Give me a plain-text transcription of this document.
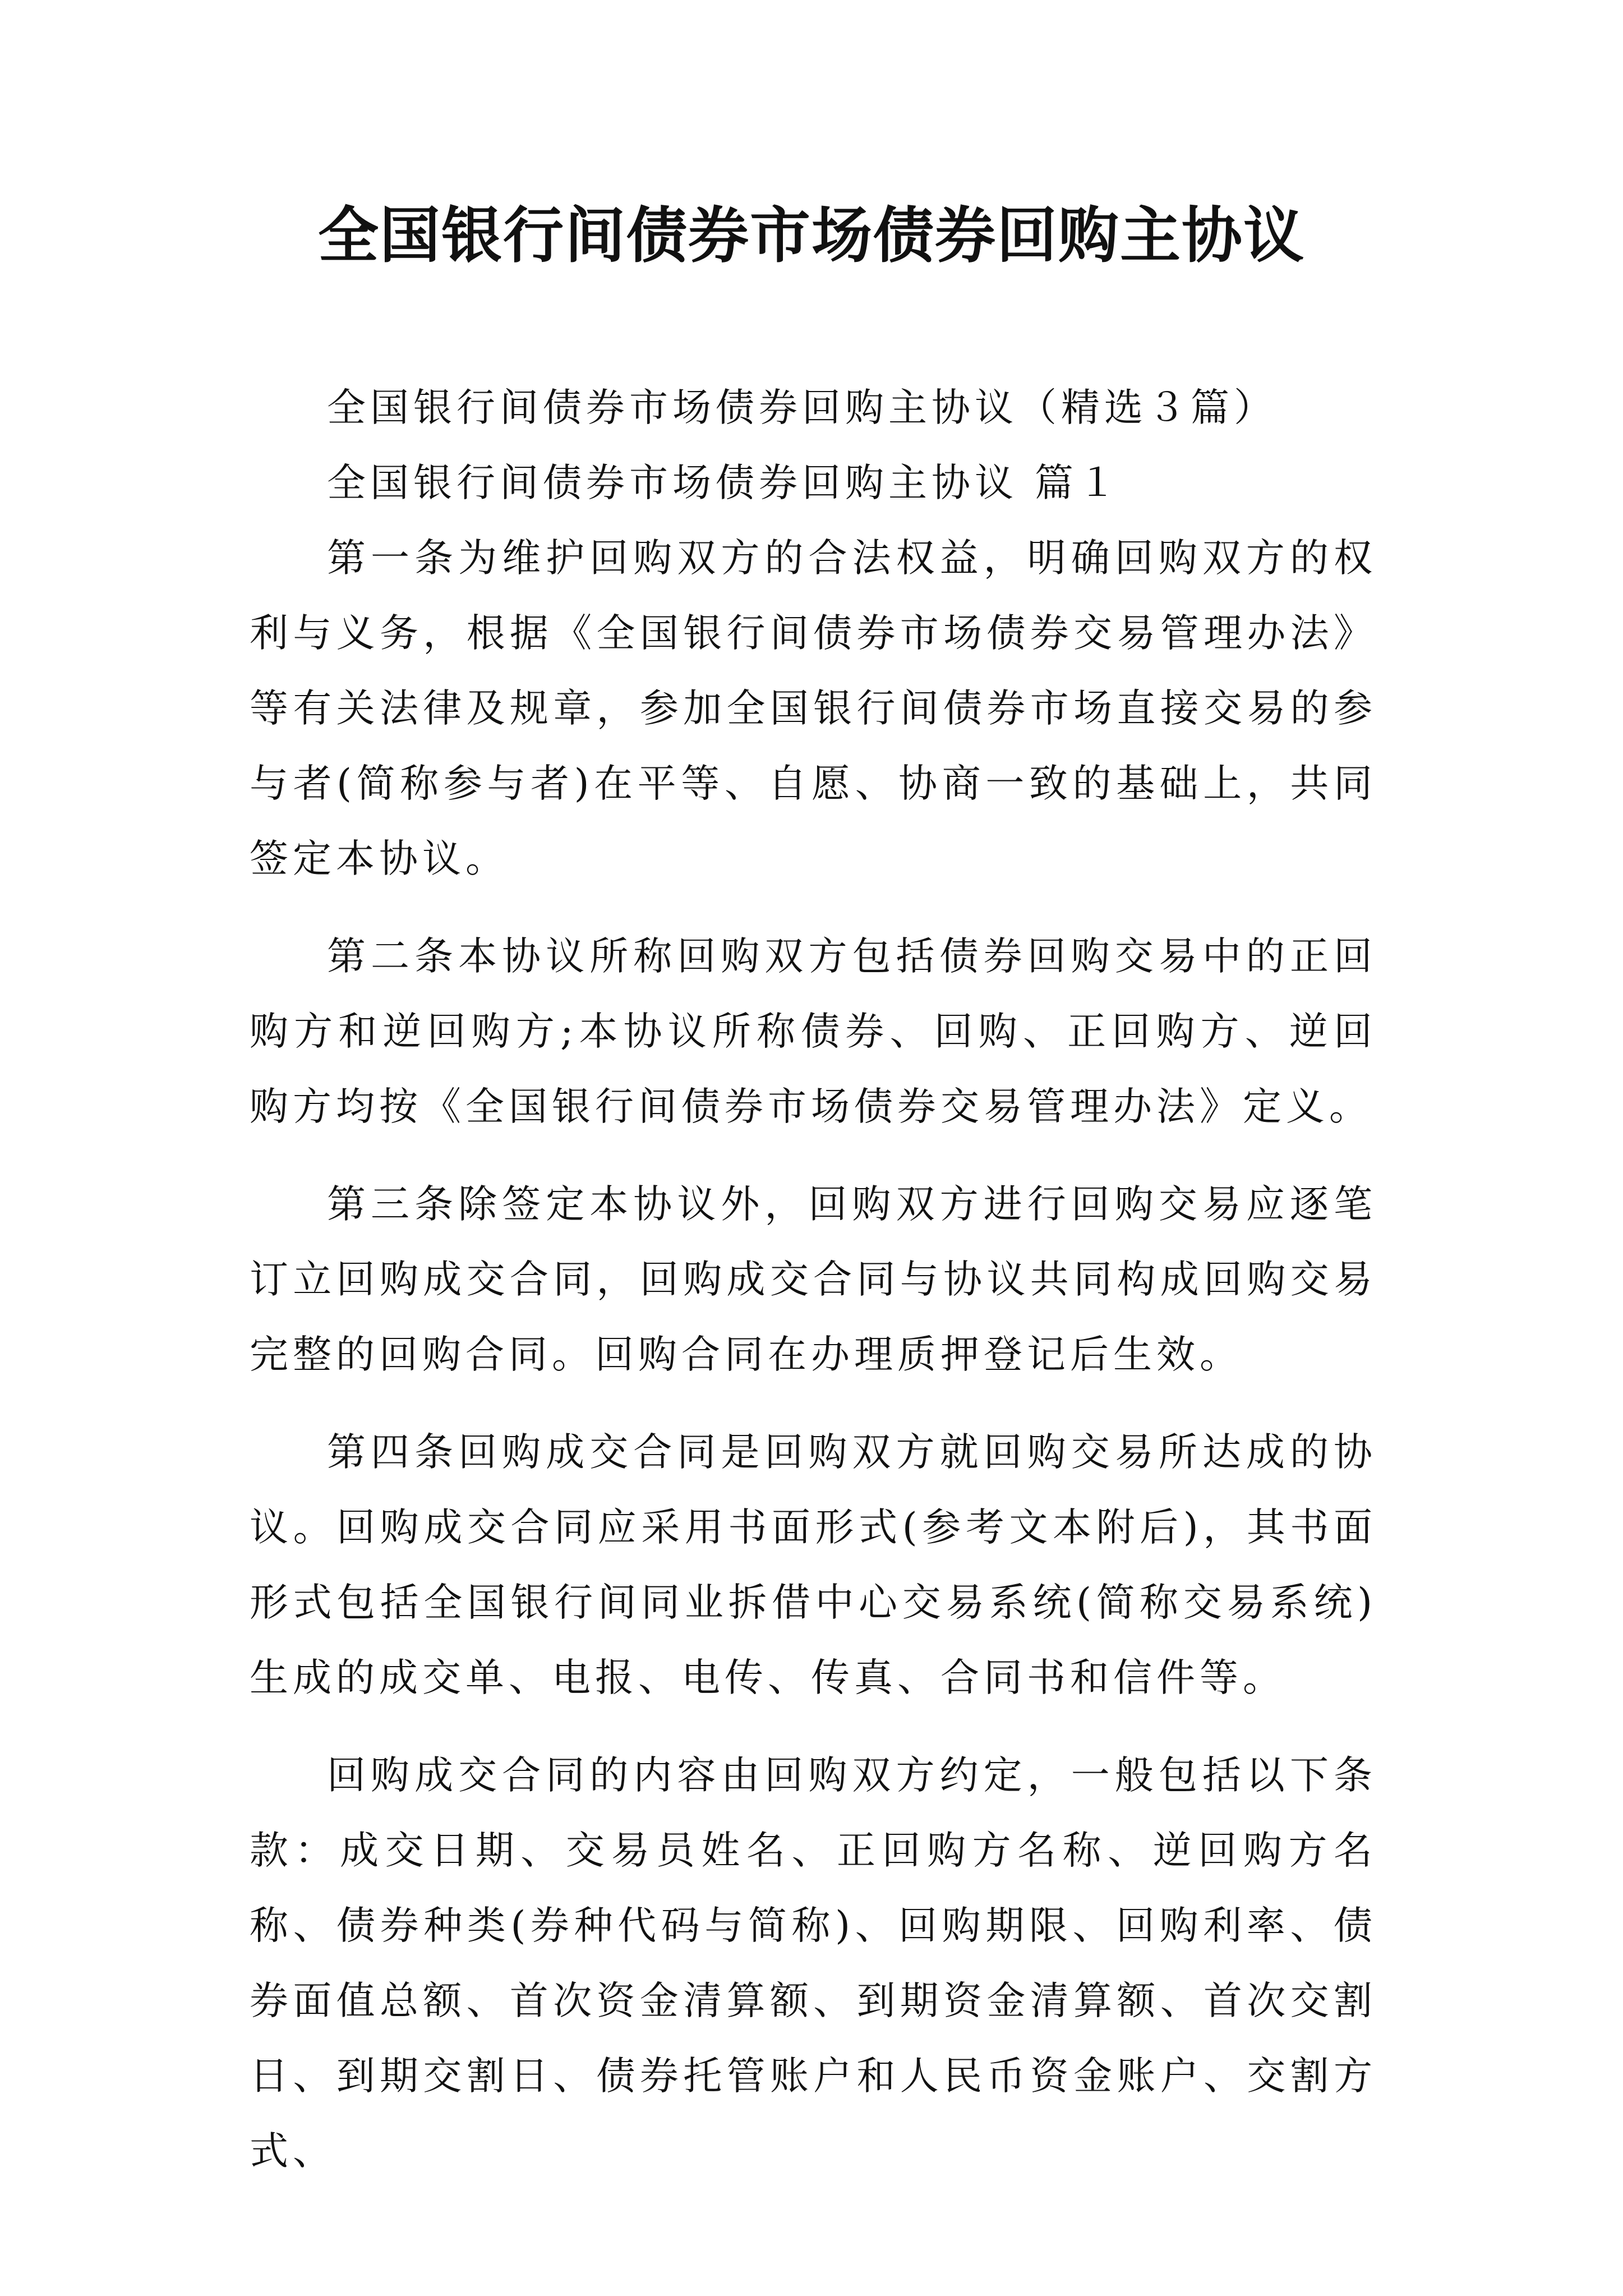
全国银行间债券市场债券回购主协议

全国银行间债券市场债券回购主协议（精选３篇）

全国银行间债券市场债券回购主协议 篇１

第一条为维护回购双方的合法权益，明确回购双方的权利与义务，根据《全国银行间债券市场债券交易管理办法》等有关法律及规章，参加全国银行间债券市场直接交易的参与者(简称参与者)在平等、自愿、协商一致的基础上，共同签定本协议。

第二条本协议所称回购双方包括债券回购交易中的正回购方和逆回购方;本协议所称债券、回购、正回购方、逆回购方均按《全国银行间债券市场债券交易管理办法》定义。

第三条除签定本协议外，回购双方进行回购交易应逐笔订立回购成交合同，回购成交合同与协议共同构成回购交易完整的回购合同。回购合同在办理质押登记后生效。

第四条回购成交合同是回购双方就回购交易所达成的协议。回购成交合同应采用书面形式(参考文本附后)，其书面形式包括全国银行间同业拆借中心交易系统(简称交易系统)生成的成交单、电报、电传、传真、合同书和信件等。

回购成交合同的内容由回购双方约定，一般包括以下条款：成交日期、交易员姓名、正回购方名称、逆回购方名称、债券种类(券种代码与简称)、回购期限、回购利率、债券面值总额、首次资金清算额、到期资金清算额、首次交割日、到期交割日、债券托管账户和人民币资金账户、交割方式、
